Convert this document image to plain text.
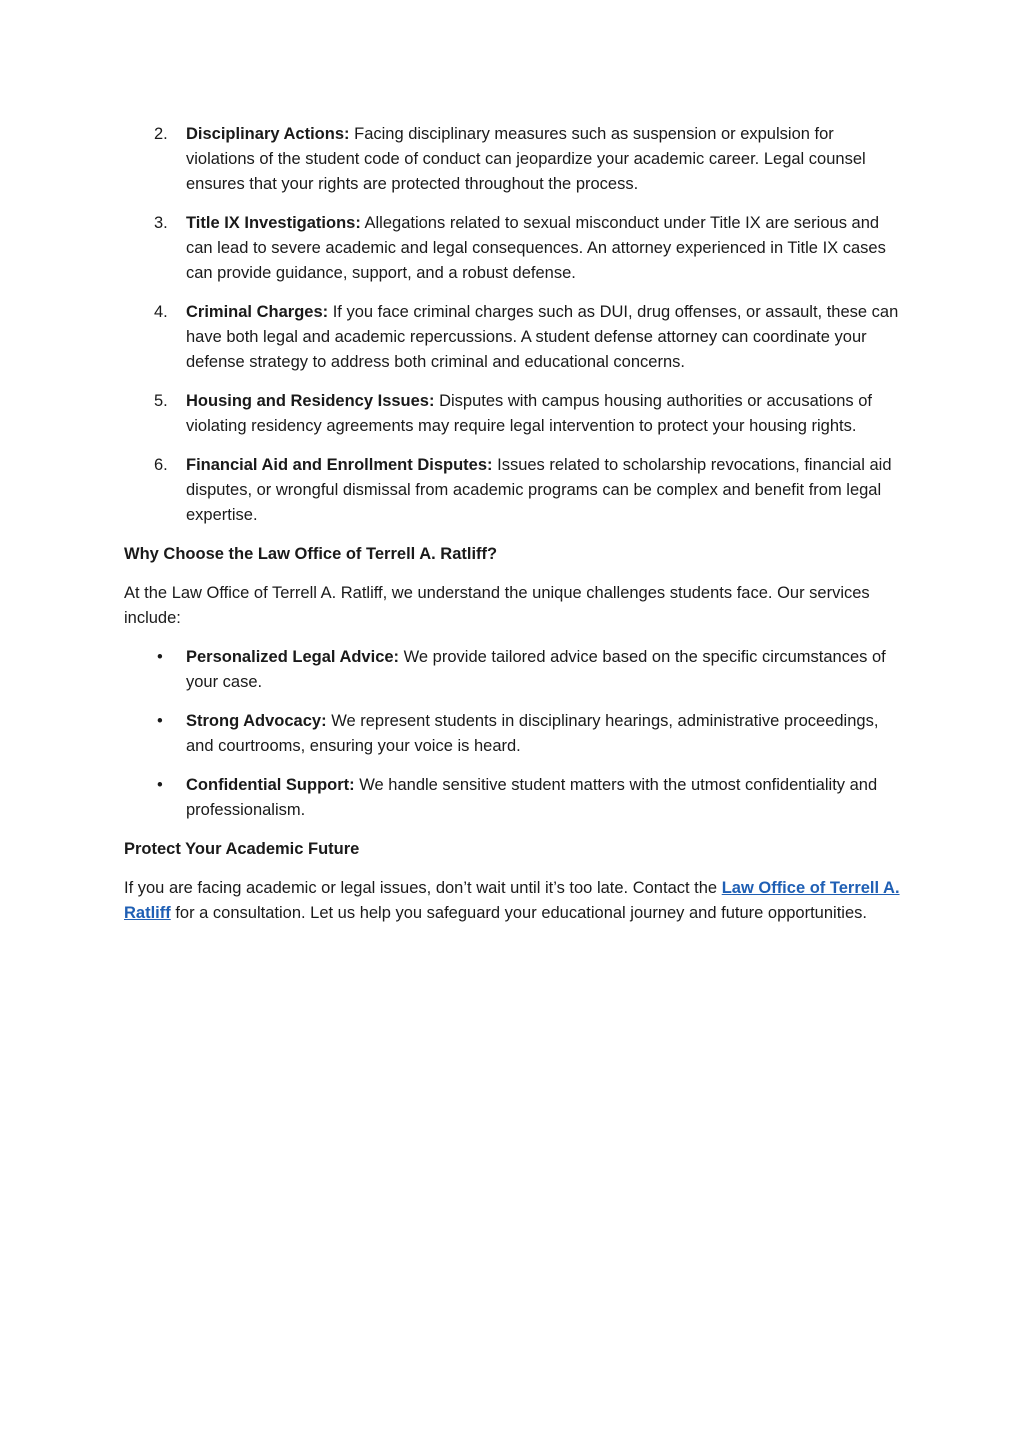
2. Disciplinary Actions: Facing disciplinary measures such as suspension or expulsion for violations of the student code of conduct can jeopardize your academic career. Legal counsel ensures that your rights are protected throughout the process.
3. Title IX Investigations: Allegations related to sexual misconduct under Title IX are serious and can lead to severe academic and legal consequences. An attorney experienced in Title IX cases can provide guidance, support, and a robust defense.
4. Criminal Charges: If you face criminal charges such as DUI, drug offenses, or assault, these can have both legal and academic repercussions. A student defense attorney can coordinate your defense strategy to address both criminal and educational concerns.
5. Housing and Residency Issues: Disputes with campus housing authorities or accusations of violating residency agreements may require legal intervention to protect your housing rights.
6. Financial Aid and Enrollment Disputes: Issues related to scholarship revocations, financial aid disputes, or wrongful dismissal from academic programs can be complex and benefit from legal expertise.
Why Choose the Law Office of Terrell A. Ratliff?

At the Law Office of Terrell A. Ratliff, we understand the unique challenges students face. Our services include:

• Personalized Legal Advice: We provide tailored advice based on the specific circumstances of your case.
• Strong Advocacy: We represent students in disciplinary hearings, administrative proceedings, and courtrooms, ensuring your voice is heard.
• Confidential Support: We handle sensitive student matters with the utmost confidentiality and professionalism.
Protect Your Academic Future

If you are facing academic or legal issues, don’t wait until it’s too late. Contact the Law Office of Terrell A. Ratliff for a consultation. Let us help you safeguard your educational journey and future opportunities.
